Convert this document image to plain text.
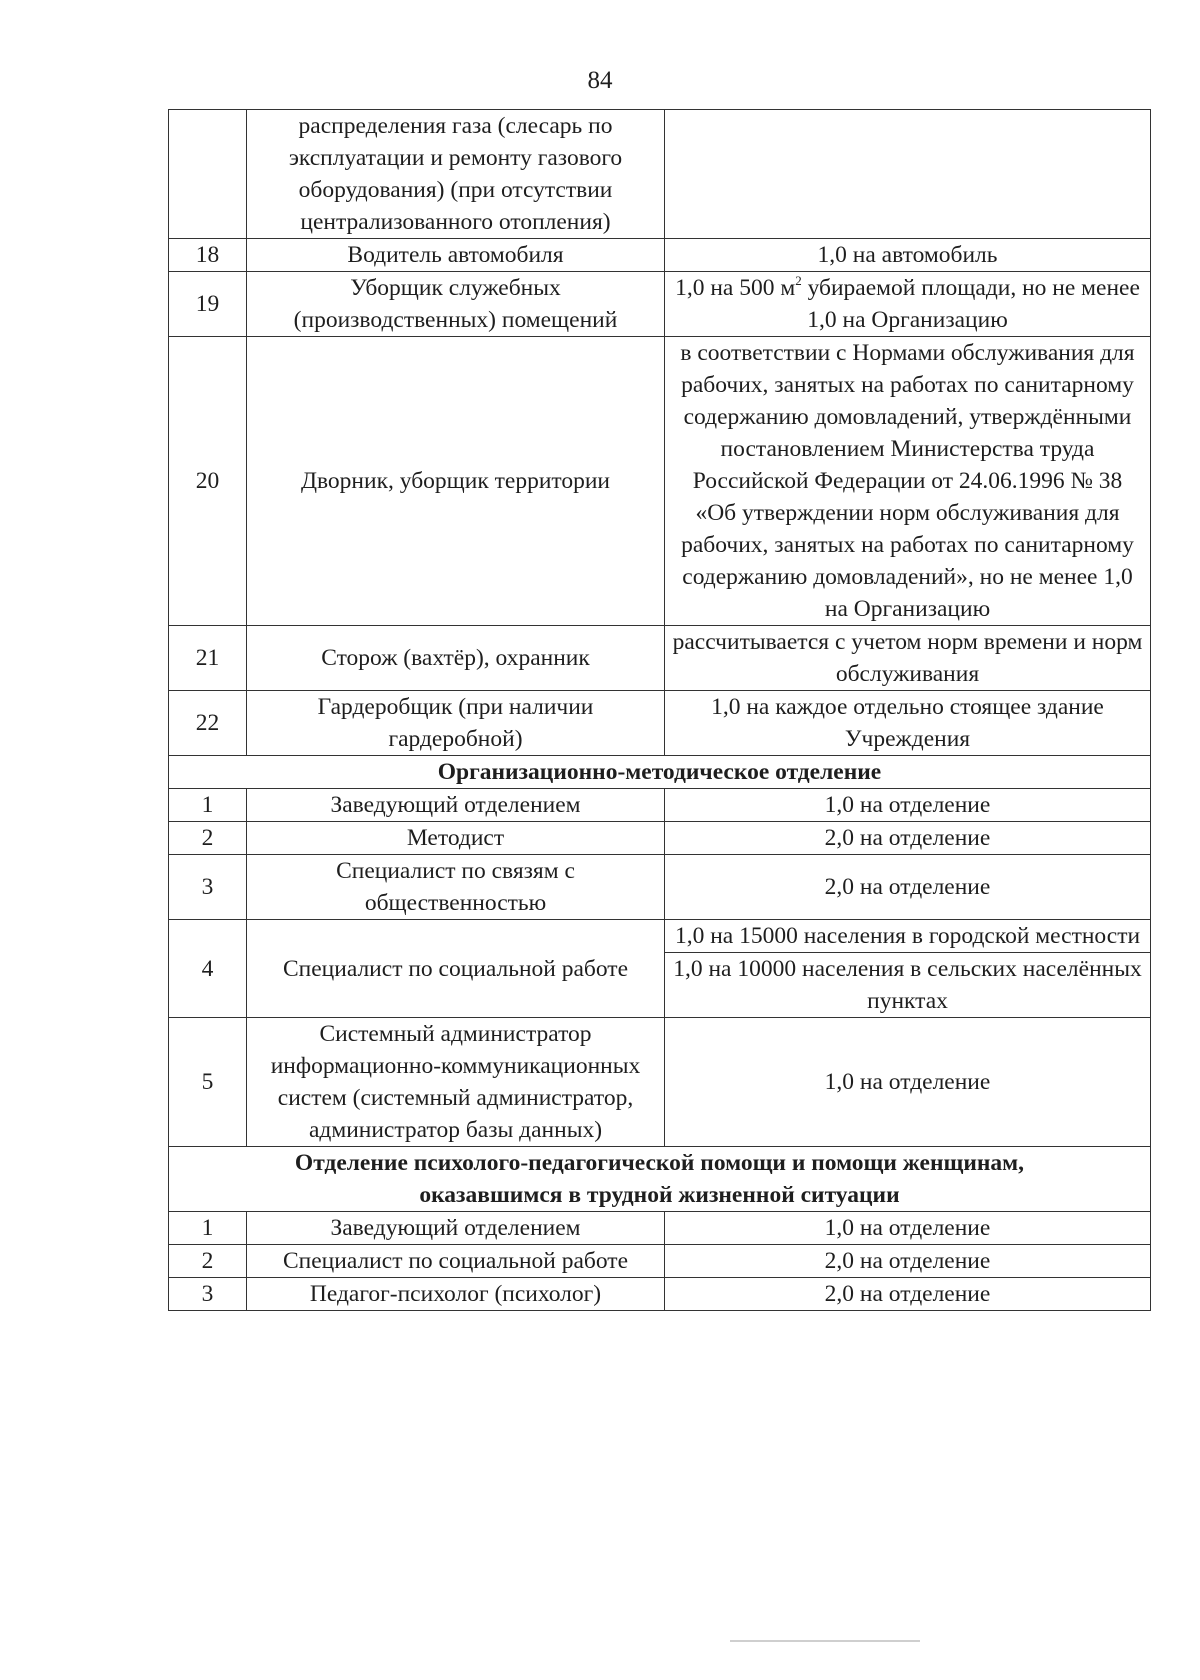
84
	распределения газа (слесарь по эксплуатации и ремонту газового оборудования) (при отсутствии централизованного отопления)	
18	Водитель автомобиля	1,0 на автомобиль
19	Уборщик служебных (производственных) помещений	1,0 на 500 $м^2$ убираемой площади, но не менее 1,0 на Организацию
20	Дворник, уборщик территории	в соответствии с Нормами обслуживания для рабочих, занятых на работах по санитарному содержанию домовладений, утверждёнными постановлением Министерства труда Российской Федерации от 24.06.1996 № 38 «Об утверждении норм обслуживания для рабочих, занятых на работах по санитарному содержанию домовладений», но не менее 1,0 на Организацию
21	Сторож (вахтёр), охранник	рассчитывается с учетом норм времени и норм обслуживания
22	Гардеробщик (при наличии гардеробной)	1,0 на каждое отдельно стоящее здание Учреждения
Организационно-методическое отделение		
1	Заведующий отделением	1,0 на отделение
2	Методист	2,0 на отделение
3	Специалист по связям с общественностью	2,0 на отделение
4	Специалист по социальной работе	1,0 на 15000 населения в городской местности
		1,0 на 10000 населения в сельских населённых пунктах
5	Системный администратор информационно-коммуникационных систем (системный администратор, администратор базы данных)	1,0 на отделение
Отделение психолого-педагогической помощи и помощи женщинам,
оказавшимся в трудной жизненной ситуации		
1	Заведующий отделением	1,0 на отделение
2	Специалист по социальной работе	2,0 на отделение
3	Педагог-психолог (психолог)	2,0 на отделение
